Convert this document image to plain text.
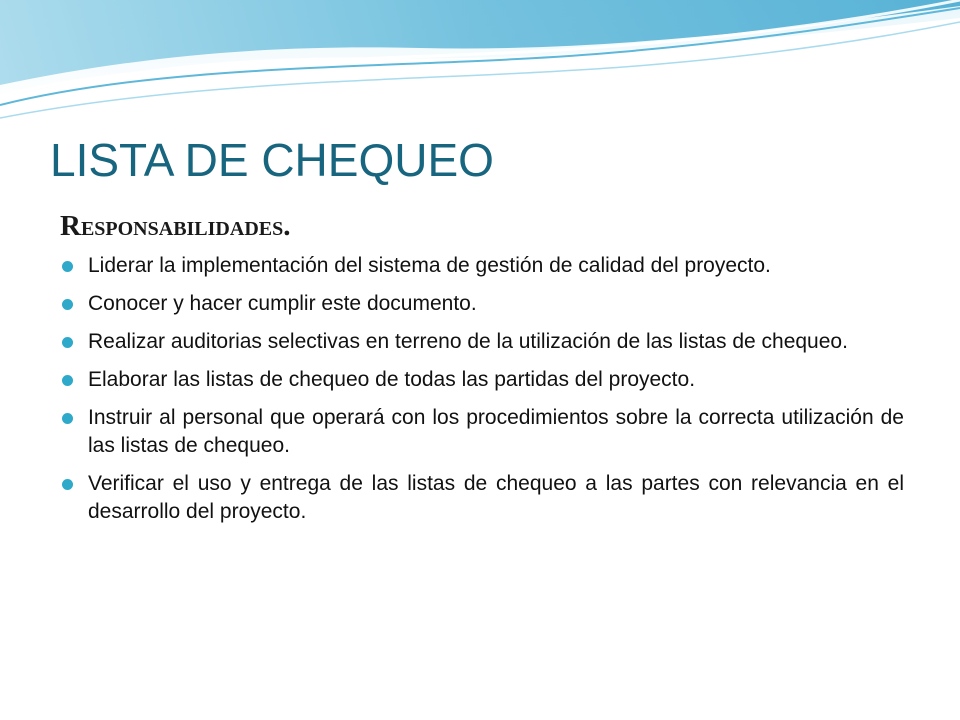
LISTA DE CHEQUEO
Responsabilidades.
Liderar la implementación del sistema de gestión de calidad del proyecto.
Conocer y hacer cumplir este documento.
Realizar auditorias selectivas en terreno de la utilización de las listas de chequeo.
Elaborar las listas de chequeo de todas las partidas del proyecto.
Instruir al personal que operará con los procedimientos sobre la correcta utilización de las listas de chequeo.
Verificar el uso y entrega de las listas de chequeo a las partes con relevancia en el desarrollo del proyecto.
